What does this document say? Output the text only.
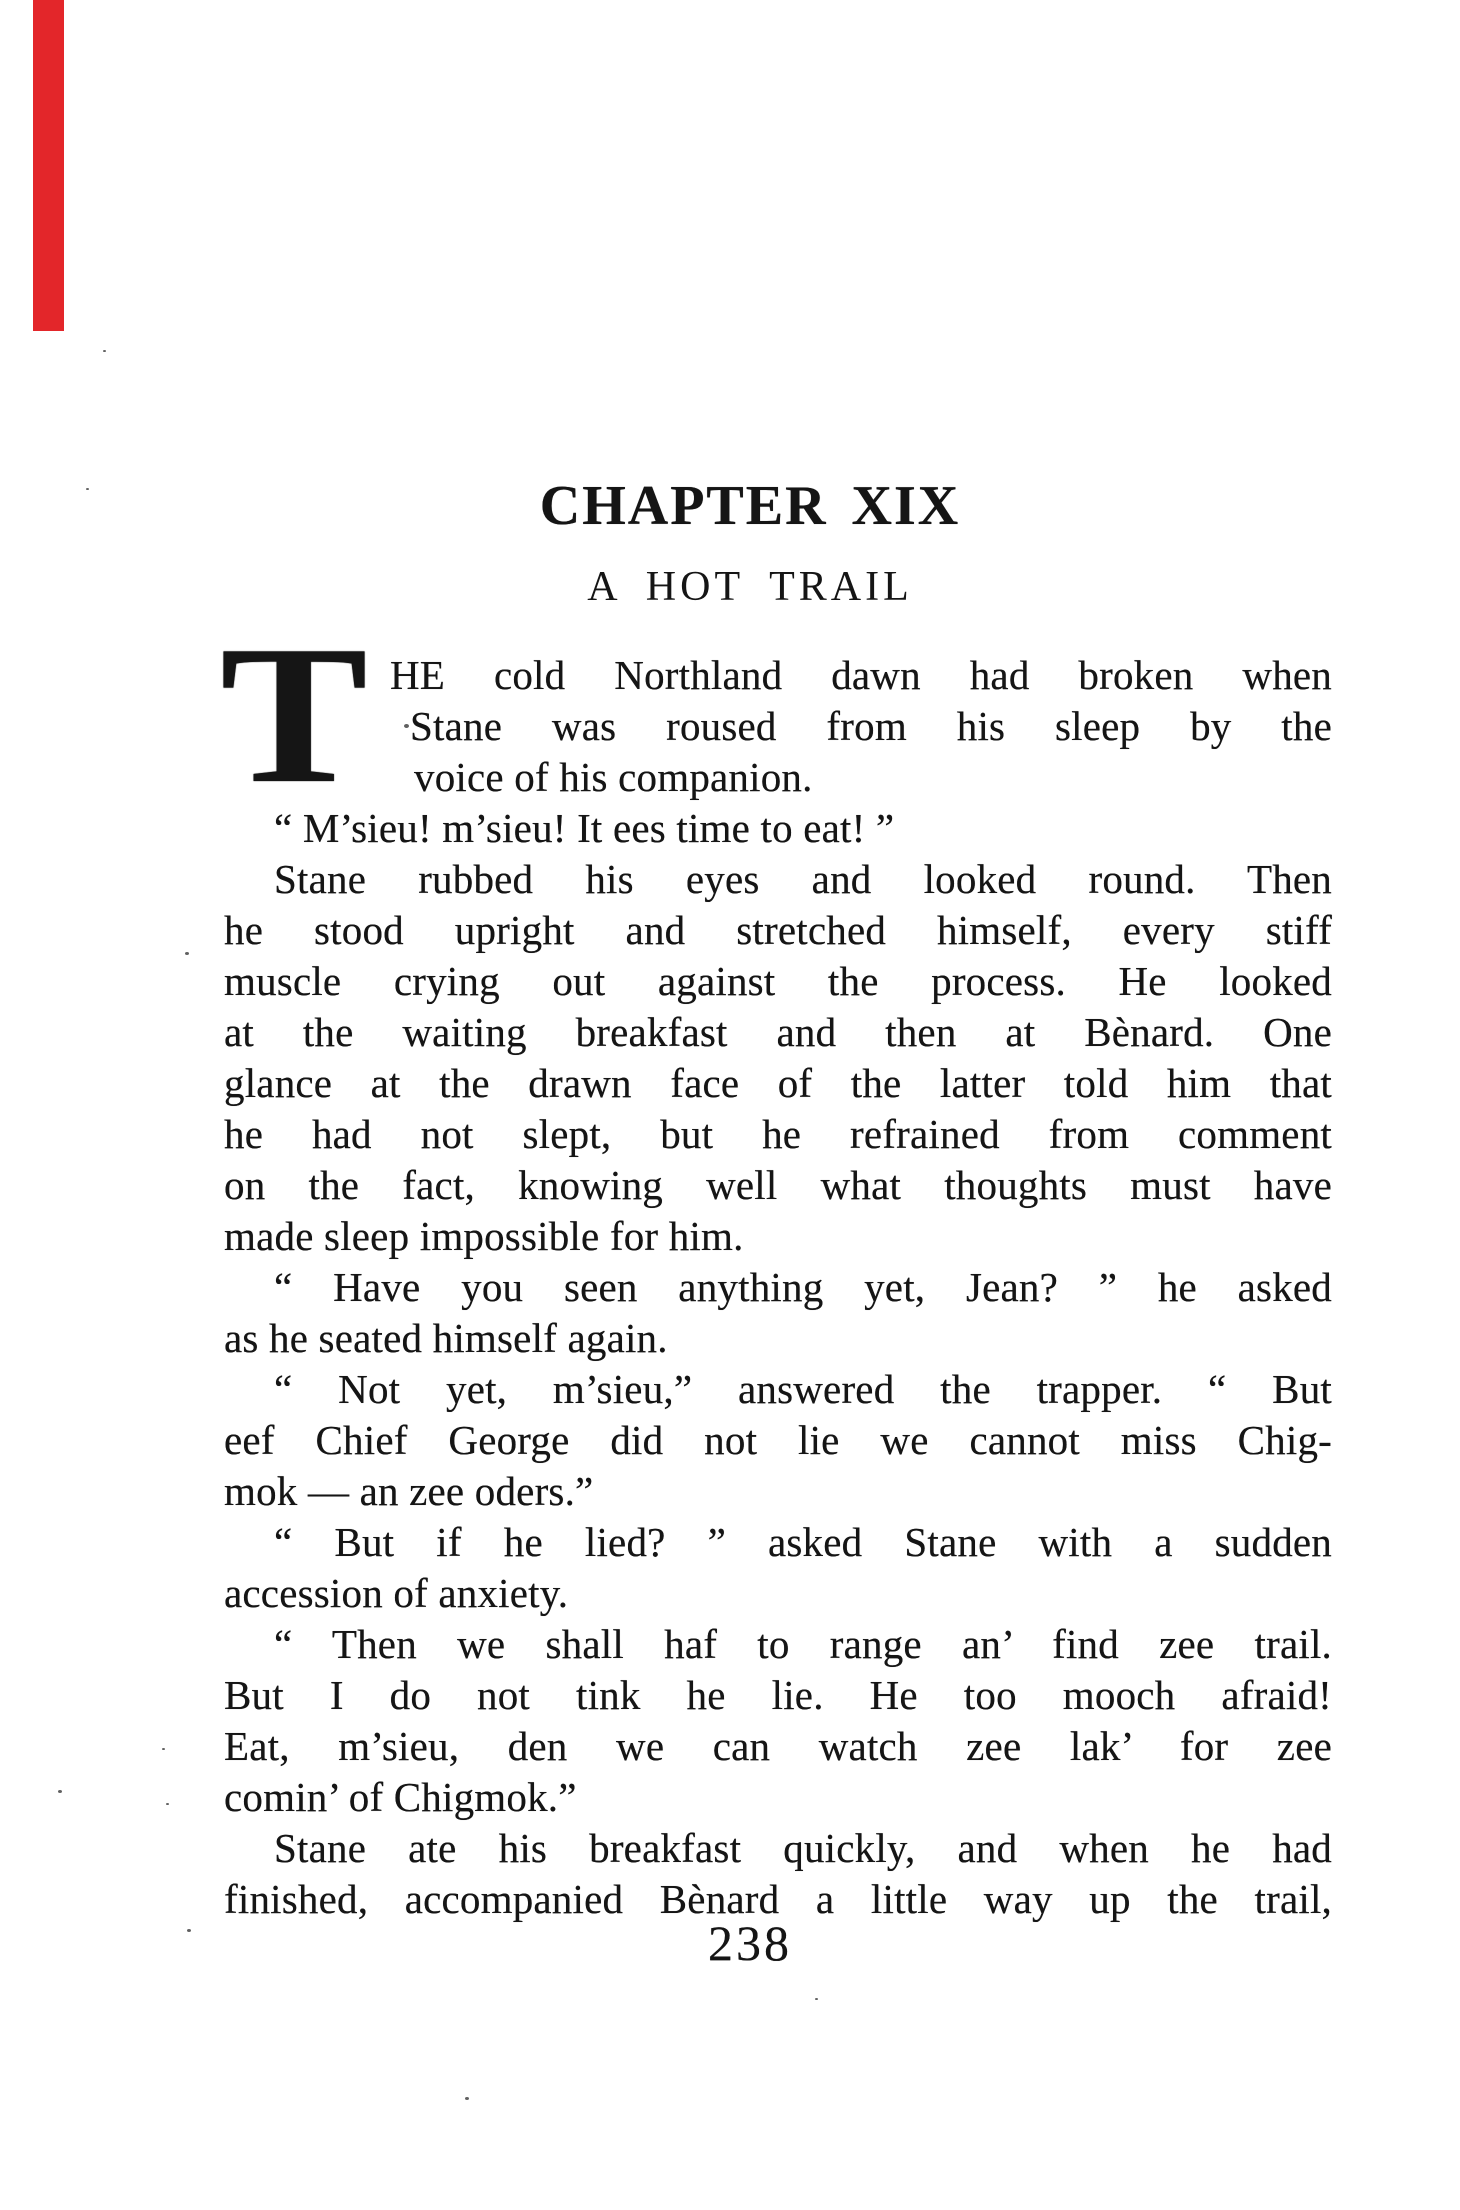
CHAPTER XIX
A HOT TRAIL
T HE cold Northland dawn had broken when
Stane was roused from his sleep by the
voice of his companion.
“ M’sieu! m’sieu! It ees time to eat! ”
Stane rubbed his eyes and looked round. Then
he stood upright and stretched himself, every stiff
muscle crying out against the process. He looked
at the waiting breakfast and then at Bènard. One
glance at the drawn face of the latter told him that
he had not slept, but he refrained from comment
on the fact, knowing well what thoughts must have
made sleep impossible for him.
“ Have you seen anything yet, Jean? ” he asked
as he seated himself again.
“ Not yet, m’sieu,” answered the trapper. “ But
eef Chief George did not lie we cannot miss Chig-
mok — an zee oders.”
“ But if he lied? ” asked Stane with a sudden
accession of anxiety.
“ Then we shall haf to range an’ find zee trail.
But I do not tink he lie. He too mooch afraid!
Eat, m’sieu, den we can watch zee lak’ for zee
comin’ of Chigmok.”
Stane ate his breakfast quickly, and when he had
finished, accompanied Bènard a little way up the trail,
238
